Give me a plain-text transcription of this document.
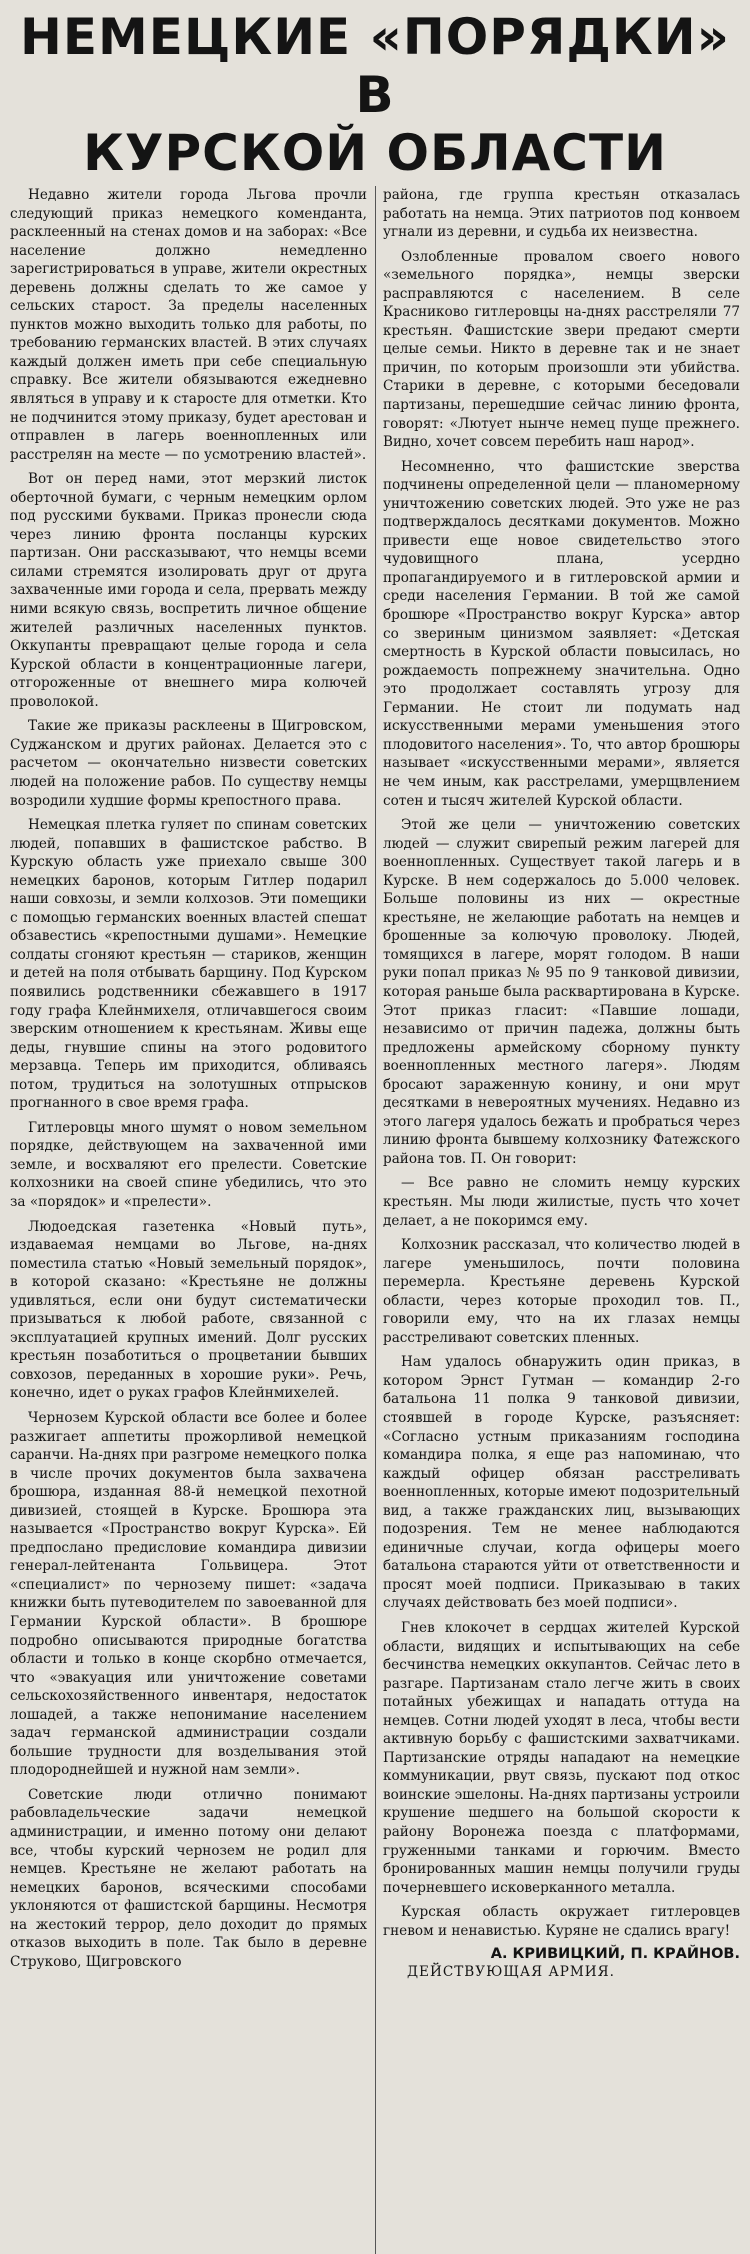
НЕМЕЦКИЕ «ПОРЯДКИ» В
КУРСКОЙ ОБЛАСТИ

Недавно жители города Льгова прочли следующий приказ немецкого коменданта, расклеенный на стенах домов и на заборах: «Все население должно немедленно зарегистрироваться в управе, жители окрестных деревень должны сделать то же самое у сельских старост. За пределы населенных пунктов можно выходить только для работы, по требованию германских властей. В этих случаях каждый должен иметь при себе специальную справку. Все жители обязываются ежедневно являться в управу и к старосте для отметки. Кто не подчинится этому приказу, будет арестован и отправлен в лагерь военнопленных или расстрелян на месте — по усмотрению властей».

Вот он перед нами, этот мерзкий листок оберточной бумаги, с черным немецким орлом под русскими буквами. Приказ пронесли сюда через линию фронта посланцы курских партизан. Они рассказывают, что немцы всеми силами стремятся изолировать друг от друга захваченные ими города и села, прервать между ними всякую связь, воспретить личное общение жителей различных населенных пунктов. Оккупанты превращают целые города и села Курской области в концентрационные лагери, отгороженные от внешнего мира колючей проволокой.

Такие же приказы расклеены в Щигровском, Суджанском и других районах. Делается это с расчетом — окончательно низвести советских людей на положение рабов. По существу немцы возродили худшие формы крепостного права.

Немецкая плетка гуляет по спинам советских людей, попавших в фашистское рабство. В Курскую область уже приехало свыше 300 немецких баронов, которым Гитлер подарил наши совхозы, и земли колхозов. Эти помещики с помощью германских военных властей спешат обзавестись «крепостными душами». Немецкие солдаты сгоняют крестьян — стариков, женщин и детей на поля отбывать барщину. Под Курском появились родственники сбежавшего в 1917 году графа Клейнмихеля, отличавшегося своим зверским отношением к крестьянам. Живы еще деды, гнувшие спины на этого родовитого мерзавца. Теперь им приходится, обливаясь потом, трудиться на золотушных отпрысков прогнанного в свое время графа.

Гитлеровцы много шумят о новом земельном порядке, действующем на захваченной ими земле, и восхваляют его прелести. Советские колхозники на своей спине убедились, что это за «порядок» и «прелести».

Людоедская газетенка «Новый путь», издаваемая немцами во Льгове, на-днях поместила статью «Новый земельный порядок», в которой сказано: «Крестьяне не должны удивляться, если они будут систематически призываться к любой работе, связанной с эксплуатацией крупных имений. Долг русских крестьян позаботиться о процветании бывших совхозов, переданных в хорошие руки». Речь, конечно, идет о руках графов Клейнмихелей.

Чернозем Курской области все более и более разжигает аппетиты прожорливой немецкой саранчи. На-днях при разгроме немецкого полка в числе прочих документов была захвачена брошюра, изданная 88-й немецкой пехотной дивизией, стоящей в Курске. Брошюра эта называется «Пространство вокруг Курска». Ей предпослано предисловие командира дивизии генерал-лейтенанта Гольвицера. Этот «специалист» по чернозему пишет: «задача книжки быть путеводителем по завоеванной для Германии Курской области». В брошюре подробно описываются природные богатства области и только в конце скорбно отмечается, что «эвакуация или уничтожение советами сельскохозяйственного инвентаря, недостаток лошадей, а также непонимание населением задач германской администрации создали большие трудности для возделывания этой плодороднейшей и нужной нам земли».

Советские люди отлично понимают рабовладельческие задачи немецкой администрации, и именно потому они делают все, чтобы курский чернозем не родил для немцев. Крестьяне не желают работать на немецких баронов, всяческими способами уклоняются от фашистской барщины. Несмотря на жестокий террор, дело доходит до прямых отказов выходить в поле. Так было в деревне Струково, Щигровского

района, где группа крестьян отказалась работать на немца. Этих патриотов под конвоем угнали из деревни, и судьба их неизвестна.

Озлобленные провалом своего нового «земельного порядка», немцы зверски расправляются с населением. В селе Красниково гитлеровцы на-днях расстреляли 77 крестьян. Фашистские звери предают смерти целые семьи. Никто в деревне так и не знает причин, по которым произошли эти убийства. Старики в деревне, с которыми беседовали партизаны, перешедшие сейчас линию фронта, говорят: «Лютует нынче немец пуще прежнего. Видно, хочет совсем перебить наш народ».

Несомненно, что фашистские зверства подчинены определенной цели — планомерному уничтожению советских людей. Это уже не раз подтверждалось десятками документов. Можно привести еще новое свидетельство этого чудовищного плана, усердно пропагандируемого и в гитлеровской армии и среди населения Германии. В той же самой брошюре «Пространство вокруг Курска» автор со звериным цинизмом заявляет: «Детская смертность в Курской области повысилась, но рождаемость попрежнему значительна. Одно это продолжает составлять угрозу для Германии. Не стоит ли подумать над искусственными мерами уменьшения этого плодовитого населения». То, что автор брошюры называет «искусственными мерами», является не чем иным, как расстрелами, умерщвлением сотен и тысяч жителей Курской области.

Этой же цели — уничтожению советских людей — служит свирепый режим лагерей для военнопленных. Существует такой лагерь и в Курске. В нем содержалось до 5.000 человек. Больше половины из них — окрестные крестьяне, не желающие работать на немцев и брошенные за колючую проволоку. Людей, томящихся в лагере, морят голодом. В наши руки попал приказ № 95 по 9 танковой дивизии, которая раньше была расквартирована в Курске. Этот приказ гласит: «Павшие лошади, независимо от причин падежа, должны быть предложены армейскому сборному пункту военнопленных местного лагеря». Людям бросают зараженную конину, и они мрут десятками в невероятных мучениях. Недавно из этого лагеря удалось бежать и пробраться через линию фронта бывшему колхознику Фатежского района тов. П. Он говорит:

— Все равно не сломить немцу курских крестьян. Мы люди жилистые, пусть что хочет делает, а не покоримся ему.

Колхозник рассказал, что количество людей в лагере уменьшилось, почти половина перемерла. Крестьяне деревень Курской области, через которые проходил тов. П., говорили ему, что на их глазах немцы расстреливают советских пленных.

Нам удалось обнаружить один приказ, в котором Эрнст Гутман — командир 2-го батальона 11 полка 9 танковой дивизии, стоявшей в городе Курске, разъясняет: «Согласно устным приказаниям господина командира полка, я еще раз напоминаю, что каждый офицер обязан расстреливать военнопленных, которые имеют подозрительный вид, а также гражданских лиц, вызывающих подозрения. Тем не менее наблюдаются единичные случаи, когда офицеры моего батальона стараются уйти от ответственности и просят моей подписи. Приказываю в таких случаях действовать без моей подписи».

Гнев клокочет в сердцах жителей Курской области, видящих и испытывающих на себе бесчинства немецких оккупантов. Сейчас лето в разгаре. Партизанам стало легче жить в своих потайных убежищах и нападать оттуда на немцев. Сотни людей уходят в леса, чтобы вести активную борьбу с фашистскими захватчиками. Партизанские отряды нападают на немецкие коммуникации, рвут связь, пускают под откос воинские эшелоны. На-днях партизаны устроили крушение шедшего на большой скорости к району Воронежа поезда с платформами, груженными танками и горючим. Вместо бронированных машин немцы получили груды почерневшего исковерканного металла.

Курская область окружает гитлеровцев гневом и ненавистью. Куряне не сдались врагу!

А. КРИВИЦКИЙ, П. КРАЙНОВ.
ДЕЙСТВУЮЩАЯ АРМИЯ.
